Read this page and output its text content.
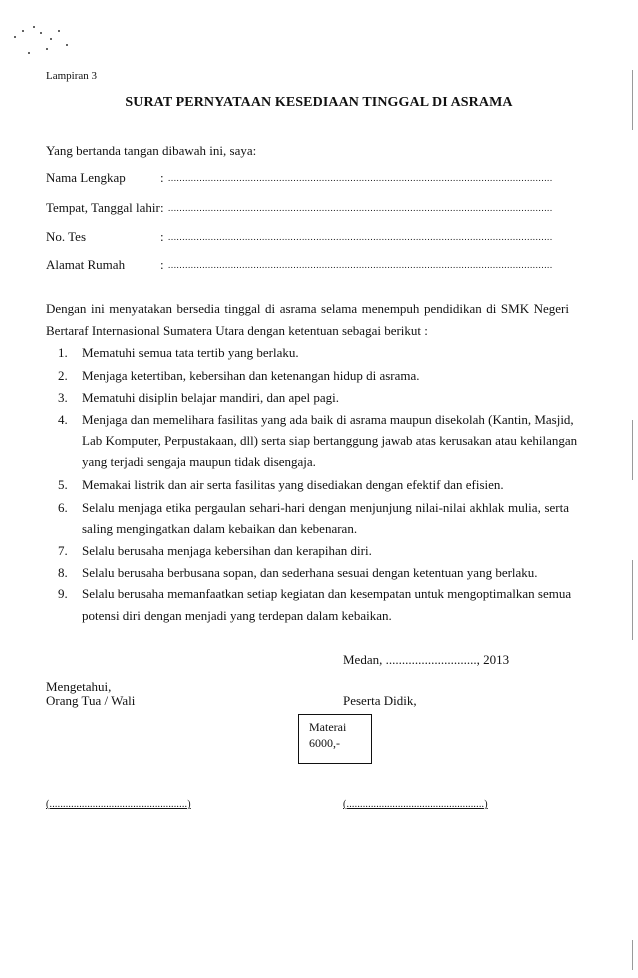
Lampiran 3
SURAT PERNYATAAN KESEDIAAN TINGGAL DI ASRAMA
Yang bertanda tangan dibawah ini, saya:
Nama Lengkap	: .......................................................................................................................................
Tempat, Tanggal lahir : .......................................................................................................................................
No. Tes	: .......................................................................................................................................
Alamat Rumah	: .......................................................................................................................................
Dengan ini menyatakan bersedia tinggal di asrama selama menempuh pendidikan di SMK Negeri
Bertaraf Internasional Sumatera Utara dengan ketentuan sebagai berikut :
1.	Mematuhi semua tata tertib yang berlaku.
2.	Menjaga ketertiban, kebersihan dan ketenangan hidup di asrama.
3.	Mematuhi disiplin belajar mandiri, dan apel pagi.
4.	Menjaga dan memelihara fasilitas yang ada baik di asrama maupun disekolah (Kantin, Masjid,
Lab Komputer, Perpustakaan, dll) serta siap bertanggung jawab atas kerusakan atau kehilangan
yang terjadi sengaja maupun tidak disengaja.
5.	Memakai listrik dan air serta fasilitas yang disediakan dengan efektif dan efisien.
6.	Selalu menjaga etika pergaulan sehari-hari dengan menjunjung nilai-nilai akhlak mulia, serta
saling mengingatkan dalam kebaikan dan kebenaran.
7.	Selalu berusaha menjaga kebersihan dan kerapihan diri.
8.	Selalu berusaha berbusana sopan, dan sederhana sesuai dengan ketentuan yang berlaku.
9.	Selalu berusaha memanfaatkan setiap kegiatan dan kesempatan untuk mengoptimalkan semua
potensi diri dengan menjadi yang terdepan dalam kebaikan.
Medan, ............................, 2013
Mengetahui,
Orang Tua / Wali	Peserta Didik,
Materai
6000,-
(...................................................)	(...................................................)
